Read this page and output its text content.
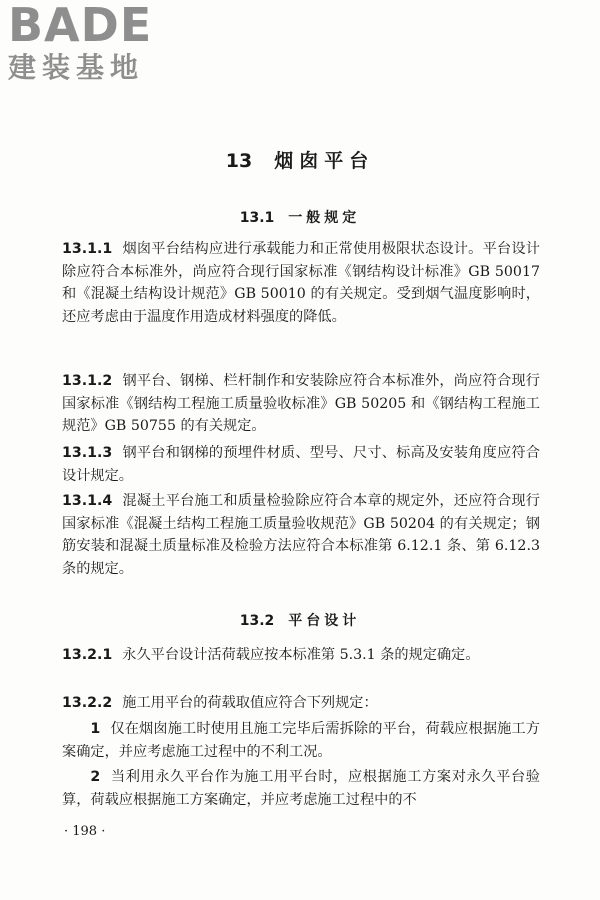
BADE
建装基地
13 烟囱平台
13.1 一般规定
13.1.1 烟囱平台结构应进行承载能力和正常使用极限状态设计。平台设计除应符合本标准外，尚应符合现行国家标准《钢结构设计标准》GB 50017 和《混凝土结构设计规范》GB 50010 的有关规定。受到烟气温度影响时，还应考虑由于温度作用造成材料强度的降低。
13.1.2 钢平台、钢梯、栏杆制作和安装除应符合本标准外，尚应符合现行国家标准《钢结构工程施工质量验收标准》GB 50205 和《钢结构工程施工规范》GB 50755 的有关规定。
13.1.3 钢平台和钢梯的预埋件材质、型号、尺寸、标高及安装角度应符合设计规定。
13.1.4 混凝土平台施工和质量检验除应符合本章的规定外，还应符合现行国家标准《混凝土结构工程施工质量验收规范》GB 50204 的有关规定；钢筋安装和混凝土质量标准及检验方法应符合本标准第 6.12.1 条、第 6.12.3 条的规定。
13.2 平台设计
13.2.1 永久平台设计活荷载应按本标准第 5.3.1 条的规定确定。
13.2.2 施工用平台的荷载取值应符合下列规定：
1 仅在烟囱施工时使用且施工完毕后需拆除的平台，荷载应根据施工方案确定，并应考虑施工过程中的不利工况。
2 当利用永久平台作为施工用平台时，应根据施工方案对永久平台验算，荷载应根据施工方案确定，并应考虑施工过程中的不
· 198 ·
